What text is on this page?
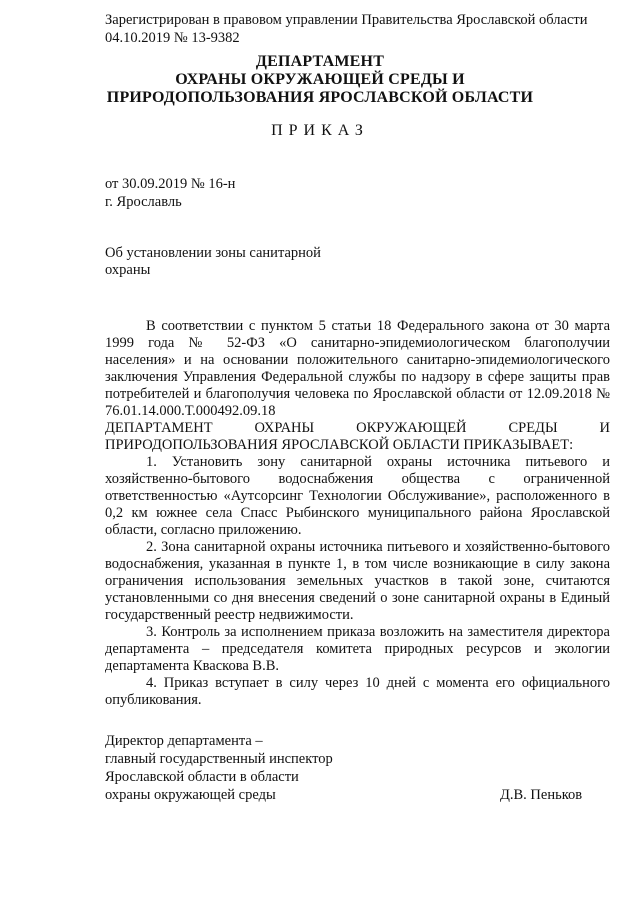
Зарегистрирован в правовом управлении Правительства Ярославской области
04.10.2019 № 13-9382
ДЕПАРТАМЕНТ
ОХРАНЫ ОКРУЖАЮЩЕЙ СРЕДЫ И
ПРИРОДОПОЛЬЗОВАНИЯ ЯРОСЛАВСКОЙ ОБЛАСТИ
ПРИКАЗ
от 30.09.2019 № 16-н
г. Ярославль
Об установлении зоны санитарной охраны

В соответствии с пунктом 5 статьи 18 Федерального закона от 30 марта 1999 года № 52-ФЗ «О санитарно-эпидемиологическом благополучии населения» и на основании положительного санитарно-эпидемиологического заключения Управления Федеральной службы по надзору в сфере защиты прав потребителей и благополучия человека по Ярославской области от 12.09.2018 № 76.01.14.000.Т.000492.09.18

ДЕПАРТАМЕНТ ОХРАНЫ ОКРУЖАЮЩЕЙ СРЕДЫ И ПРИРОДОПОЛЬЗОВАНИЯ ЯРОСЛАВСКОЙ ОБЛАСТИ ПРИКАЗЫВАЕТ:

1. Установить зону санитарной охраны источника питьевого и хозяйственно-бытового водоснабжения общества с ограниченной ответственностью «Аутсорсинг Технологии Обслуживание», расположенного в 0,2 км южнее села Спасс Рыбинского муниципального района Ярославской области, согласно приложению.

2. Зона санитарной охраны источника питьевого и хозяйственно-бытового водоснабжения, указанная в пункте 1, в том числе возникающие в силу закона ограничения использования земельных участков в такой зоне, считаются установленными со дня внесения сведений о зоне санитарной охраны в Единый государственный реестр недвижимости.

3. Контроль за исполнением приказа возложить на заместителя директора департамента – председателя комитета природных ресурсов и экологии департамента Кваскова В.В.

4. Приказ вступает в силу через 10 дней с момента его официального опубликования.

Директор департамента –
главный государственный инспектор
Ярославской области в области
охраны окружающей среды	Д.В. Пеньков
